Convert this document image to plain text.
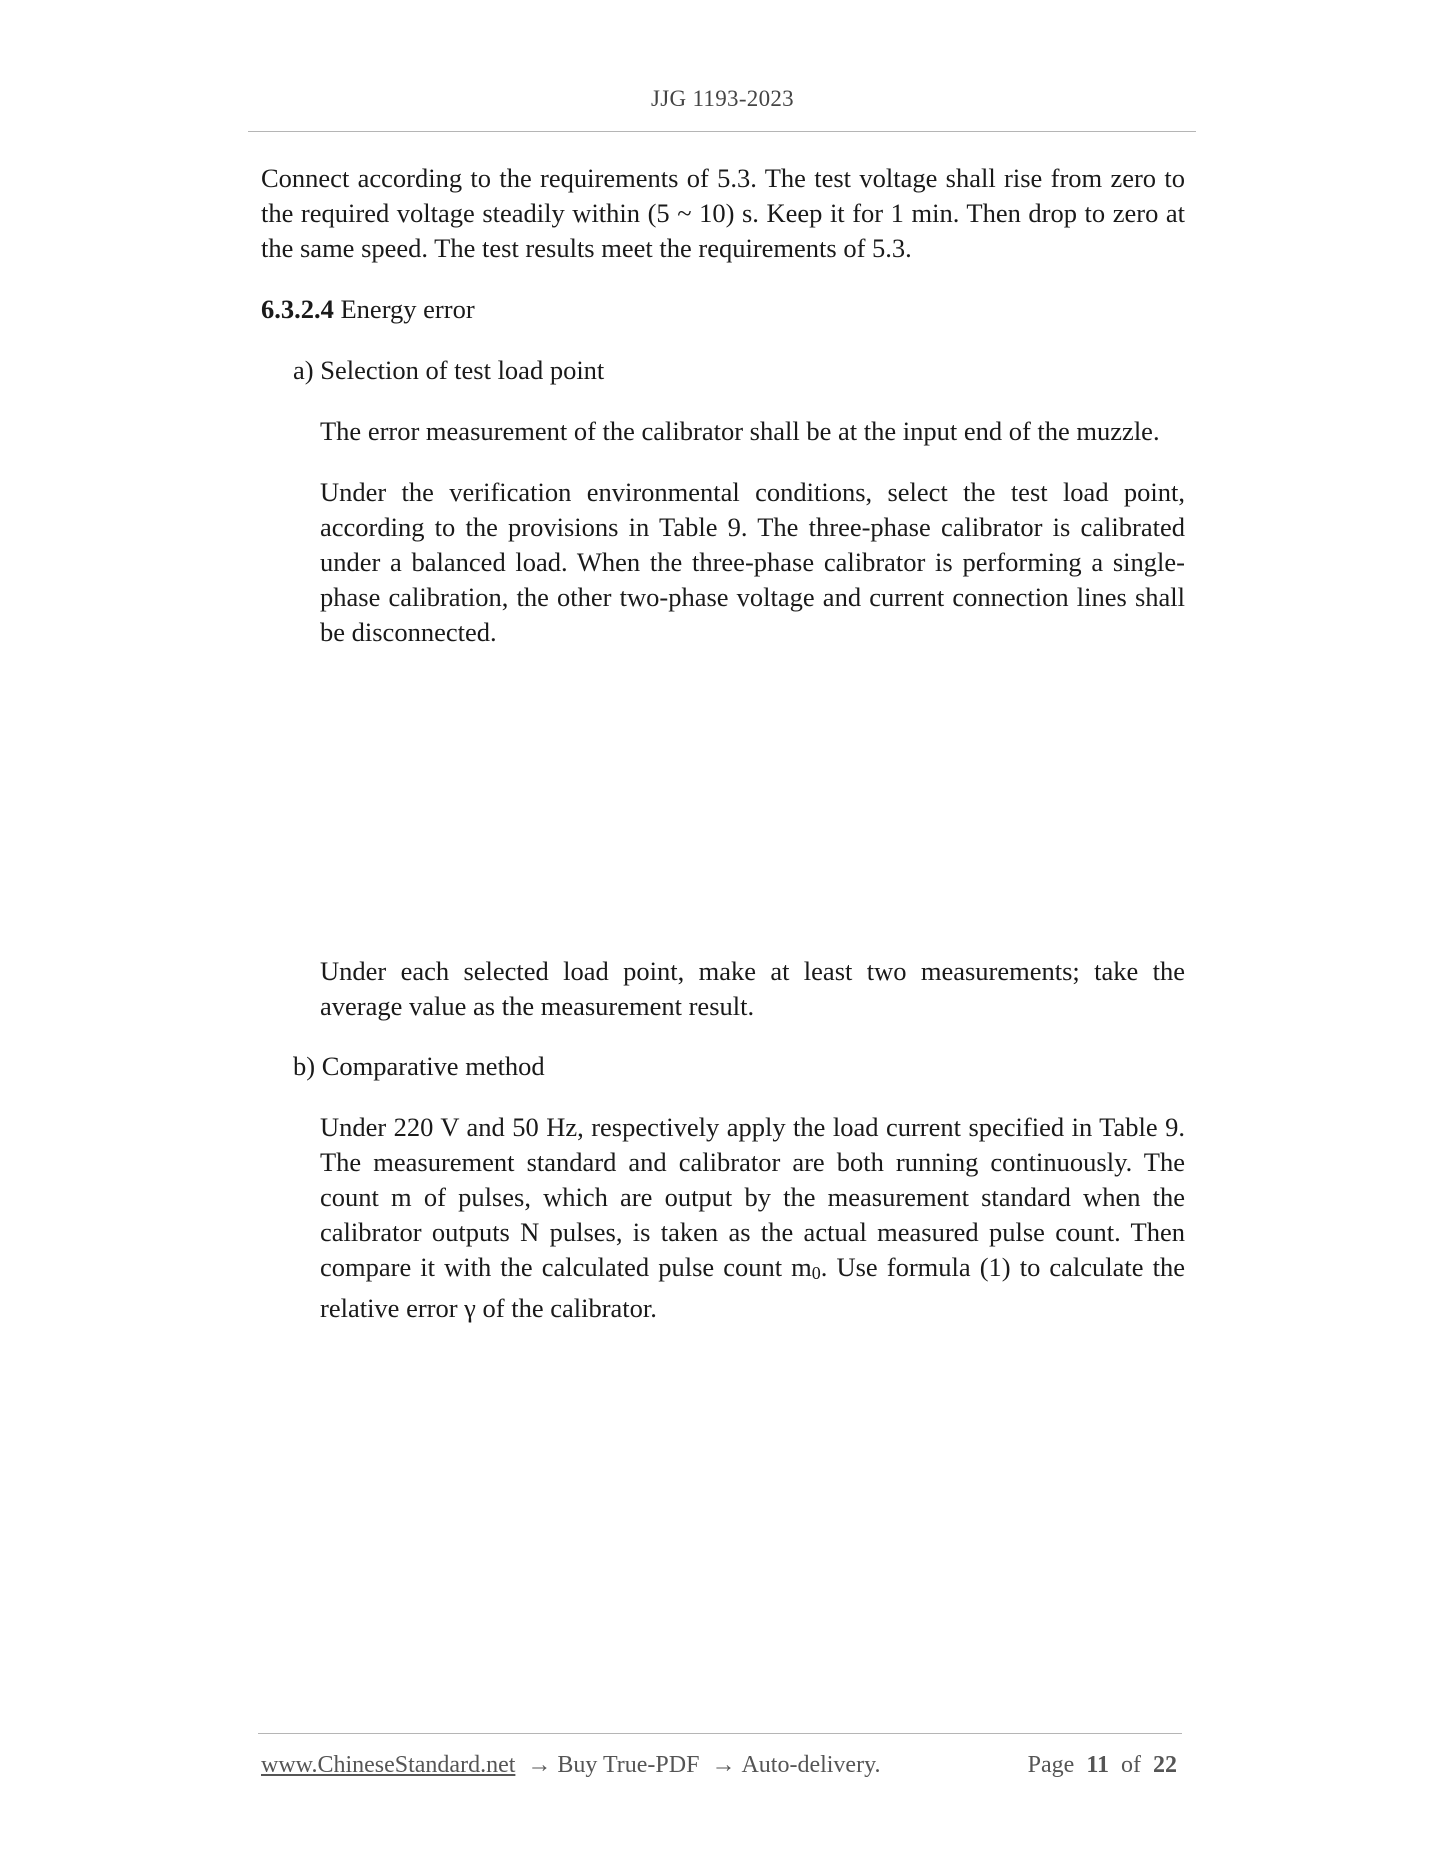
JJG 1193-2023

Connect according to the requirements of 5.3. The test voltage shall rise from zero to the required voltage steadily within (5 ~ 10) s. Keep it for 1 min. Then drop to zero at the same speed. The test results meet the requirements of 5.3.

6.3.2.4 Energy error

a) Selection of test load point

The error measurement of the calibrator shall be at the input end of the muzzle.

Under the verification environmental conditions, select the test load point, according to the provisions in Table 9. The three-phase calibrator is calibrated under a balanced load. When the three-phase calibrator is performing a single-phase calibration, the other two-phase voltage and current connection lines shall be disconnected.

Under each selected load point, make at least two measurements; take the average value as the measurement result.

b) Comparative method

Under 220 V and 50 Hz, respectively apply the load current specified in Table 9. The measurement standard and calibrator are both running continuously. The count m of pulses, which are output by the measurement standard when the calibrator outputs N pulses, is taken as the actual measured pulse count. Then compare it with the calculated pulse count m0. Use formula (1) to calculate the relative error γ of the calibrator.

www.ChineseStandard.net → Buy True-PDF → Auto-delivery.	Page 11 of 22
